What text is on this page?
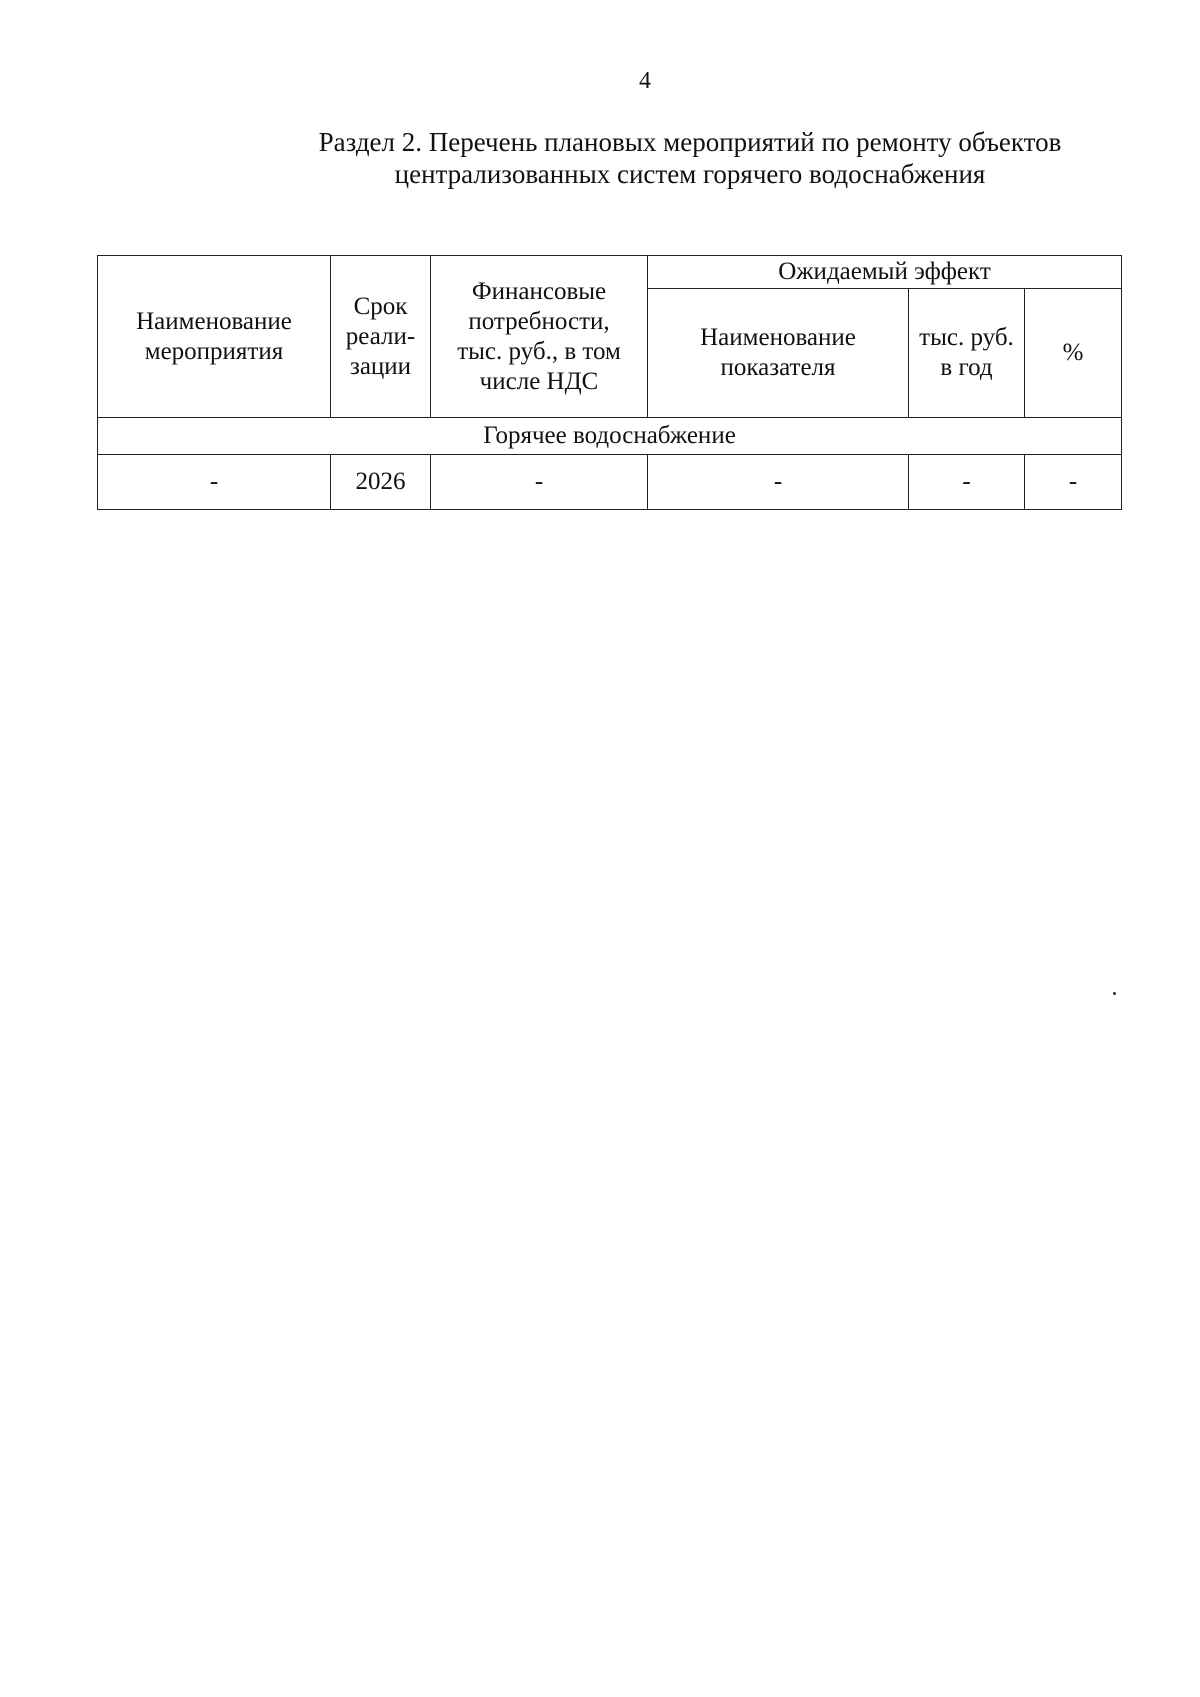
4
Раздел 2. Перечень плановых мероприятий по ремонту объектов
централизованных систем горячего водоснабжения
Наименование мероприятия	Срок реали-зации	Финансовые потребности, тыс. руб., в том числе НДС	Ожидаемый эффект		
			Наименование показателя	тыс. руб. в год	%
Горячее водоснабжение					
-	2026	-	-	-	-
